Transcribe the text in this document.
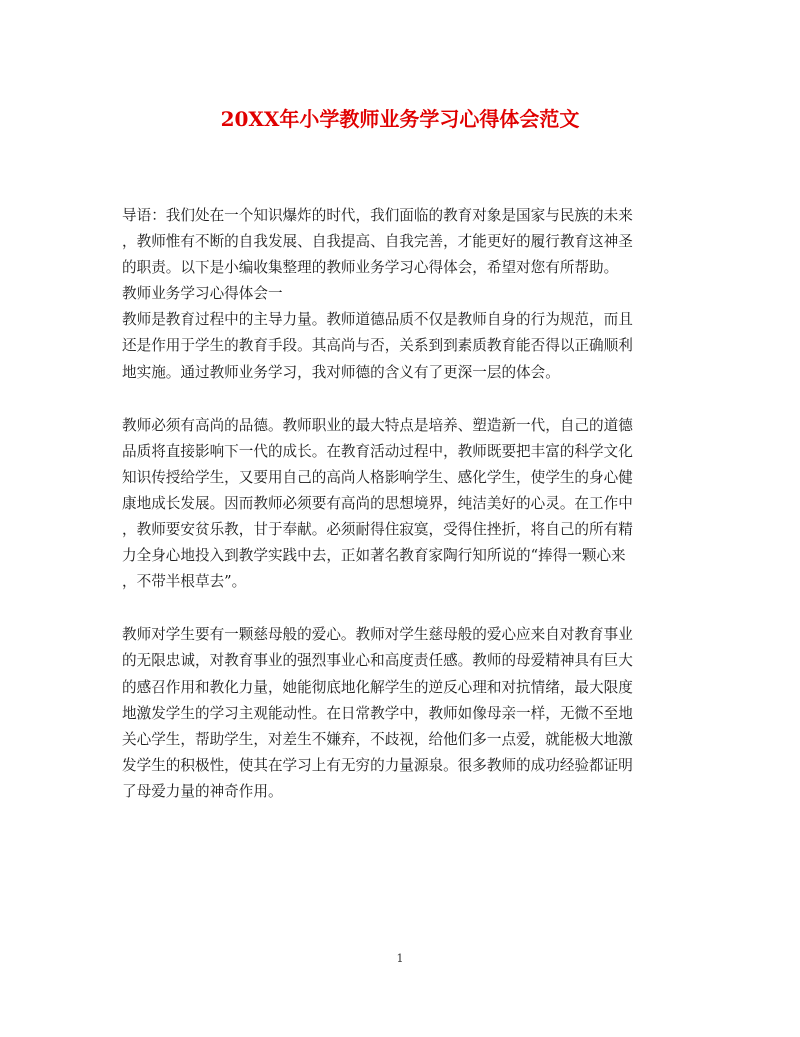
20XX年小学教师业务学习心得体会范文
导语：我们处在一个知识爆炸的时代，我们面临的教育对象是国家与民族的未来
，教师惟有不断的自我发展、自我提高、自我完善，才能更好的履行教育这神圣
的职责。以下是小编收集整理的教师业务学习心得体会，希望对您有所帮助。
教师业务学习心得体会一
教师是教育过程中的主导力量。教师道德品质不仅是教师自身的行为规范，而且
还是作用于学生的教育手段。其高尚与否，关系到到素质教育能否得以正确顺利
地实施。通过教师业务学习，我对师德的含义有了更深一层的体会。
教师必须有高尚的品德。教师职业的最大特点是培养、塑造新一代，自己的道德
品质将直接影响下一代的成长。在教育活动过程中，教师既要把丰富的科学文化
知识传授给学生，又要用自己的高尚人格影响学生、感化学生，使学生的身心健
康地成长发展。因而教师必须要有高尚的思想境界，纯洁美好的心灵。在工作中
，教师要安贫乐教，甘于奉献。必须耐得住寂寞，受得住挫折，将自己的所有精
力全身心地投入到教学实践中去，正如著名教育家陶行知所说的“捧得一颗心来
，不带半根草去”。
教师对学生要有一颗慈母般的爱心。教师对学生慈母般的爱心应来自对教育事业
的无限忠诚，对教育事业的强烈事业心和高度责任感。教师的母爱精神具有巨大
的感召作用和教化力量，她能彻底地化解学生的逆反心理和对抗情绪，最大限度
地激发学生的学习主观能动性。在日常教学中，教师如像母亲一样，无微不至地
关心学生，帮助学生，对差生不嫌弃，不歧视，给他们多一点爱，就能极大地激
发学生的积极性，使其在学习上有无穷的力量源泉。很多教师的成功经验都证明
了母爱力量的神奇作用。
1
